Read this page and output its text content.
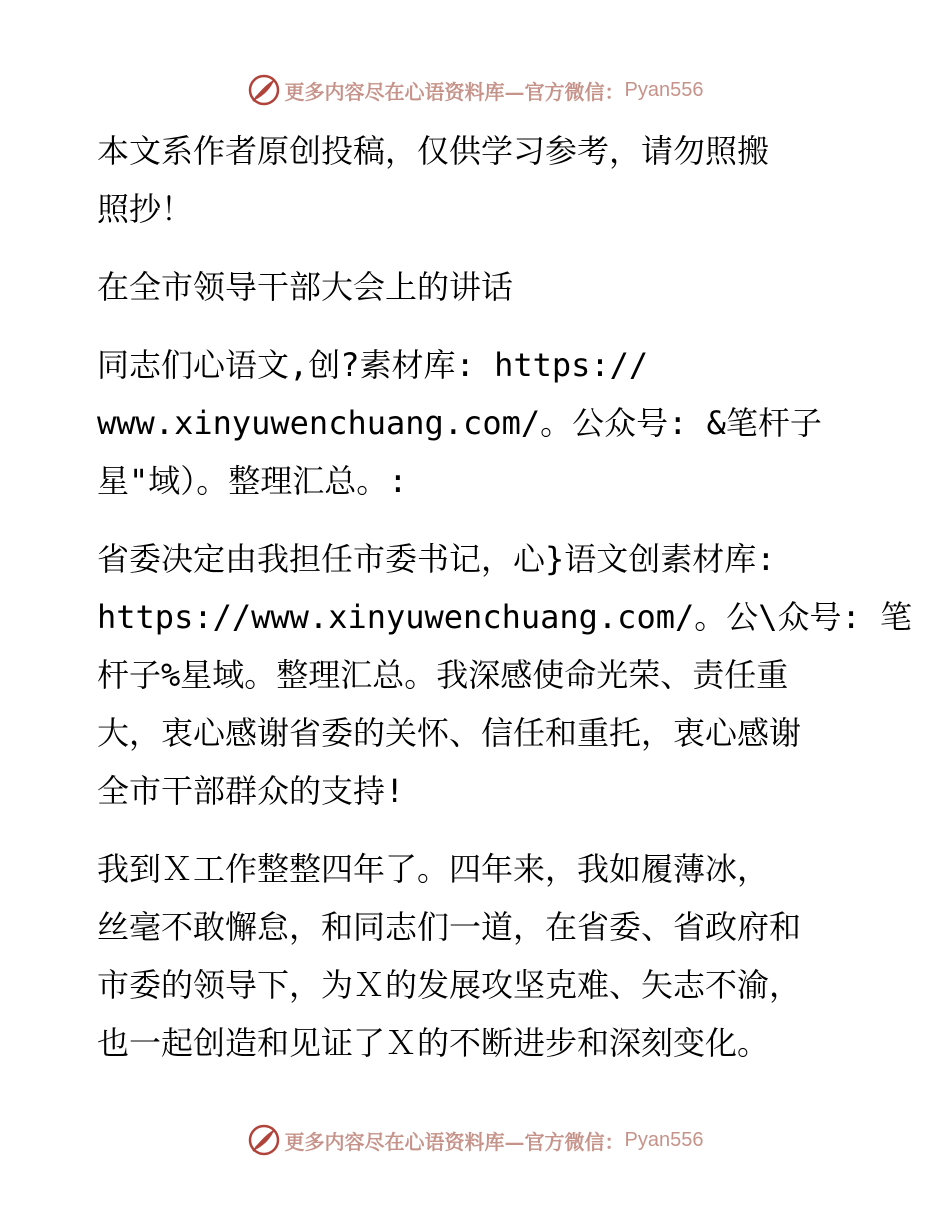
更多内容尽在心语资料库—官方微信： Pyan556
本文系作者原创投稿，仅供学习参考，请勿照搬
照抄！
在全市领导干部大会上的讲话
同志们心语文,创?素材库: https://
www.xinyuwenchuang.com/。公众号: &笔杆子
星"域）。整理汇总。:
省委决定由我担任市委书记，心}语文创素材库:
https://www.xinyuwenchuang.com/。公\众号: 笔
杆子%星域。整理汇总。我深感使命光荣、责任重
大，衷心感谢省委的关怀、信任和重托，衷心感谢
全市干部群众的支持!
我到Ｘ工作整整四年了。四年来，我如履薄冰，
丝毫不敢懈怠，和同志们一道，在省委、省政府和
市委的领导下，为Ｘ的发展攻坚克难、矢志不渝，
也一起创造和见证了Ｘ的不断进步和深刻变化。
更多内容尽在心语资料库—官方微信： Pyan556
